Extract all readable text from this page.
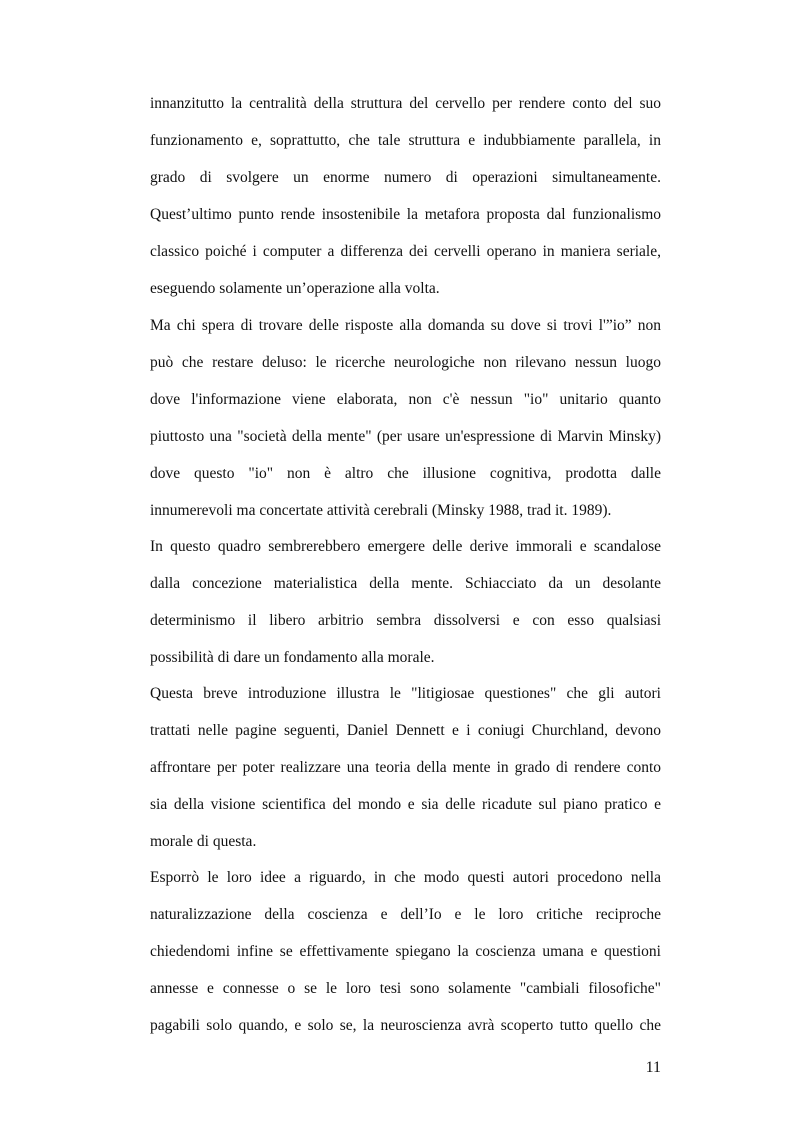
innanzitutto la centralità della struttura del cervello per rendere conto del suo
funzionamento e, soprattutto, che tale struttura e indubbiamente parallela, in
grado di svolgere un enorme numero di operazioni simultaneamente.
Quest’ultimo punto rende insostenibile la metafora proposta dal funzionalismo
classico poiché i computer a differenza dei cervelli operano in maniera seriale,
eseguendo solamente un’operazione alla volta.
Ma chi spera di trovare delle risposte alla domanda su dove si trovi l'”io” non
può che restare deluso: le ricerche neurologiche non rilevano nessun luogo
dove l'informazione viene elaborata, non c'è nessun "io" unitario quanto
piuttosto una "società della mente" (per usare un'espressione di Marvin Minsky)
dove questo "io" non è altro che illusione cognitiva, prodotta dalle
innumerevoli ma concertate attività cerebrali (Minsky 1988, trad it. 1989).
In questo quadro sembrerebbero emergere delle derive immorali e scandalose
dalla concezione materialistica della mente. Schiacciato da un desolante
determinismo il libero arbitrio sembra dissolversi e con esso qualsiasi
possibilità di dare un fondamento alla morale.
Questa breve introduzione illustra le "litigiosae questiones" che gli autori
trattati nelle pagine seguenti, Daniel Dennett e i coniugi Churchland, devono
affrontare per poter realizzare una teoria della mente in grado di rendere conto
sia della visione scientifica del mondo e sia delle ricadute sul piano pratico e
morale di questa.
Esporrò le loro idee a riguardo, in che modo questi autori procedono nella
naturalizzazione della coscienza e dell’Io e le loro critiche reciproche
chiedendomi infine se effettivamente spiegano la coscienza umana e questioni
annesse e connesse o se le loro tesi sono solamente "cambiali filosofiche"
pagabili solo quando, e solo se, la neuroscienza avrà scoperto tutto quello che
11
